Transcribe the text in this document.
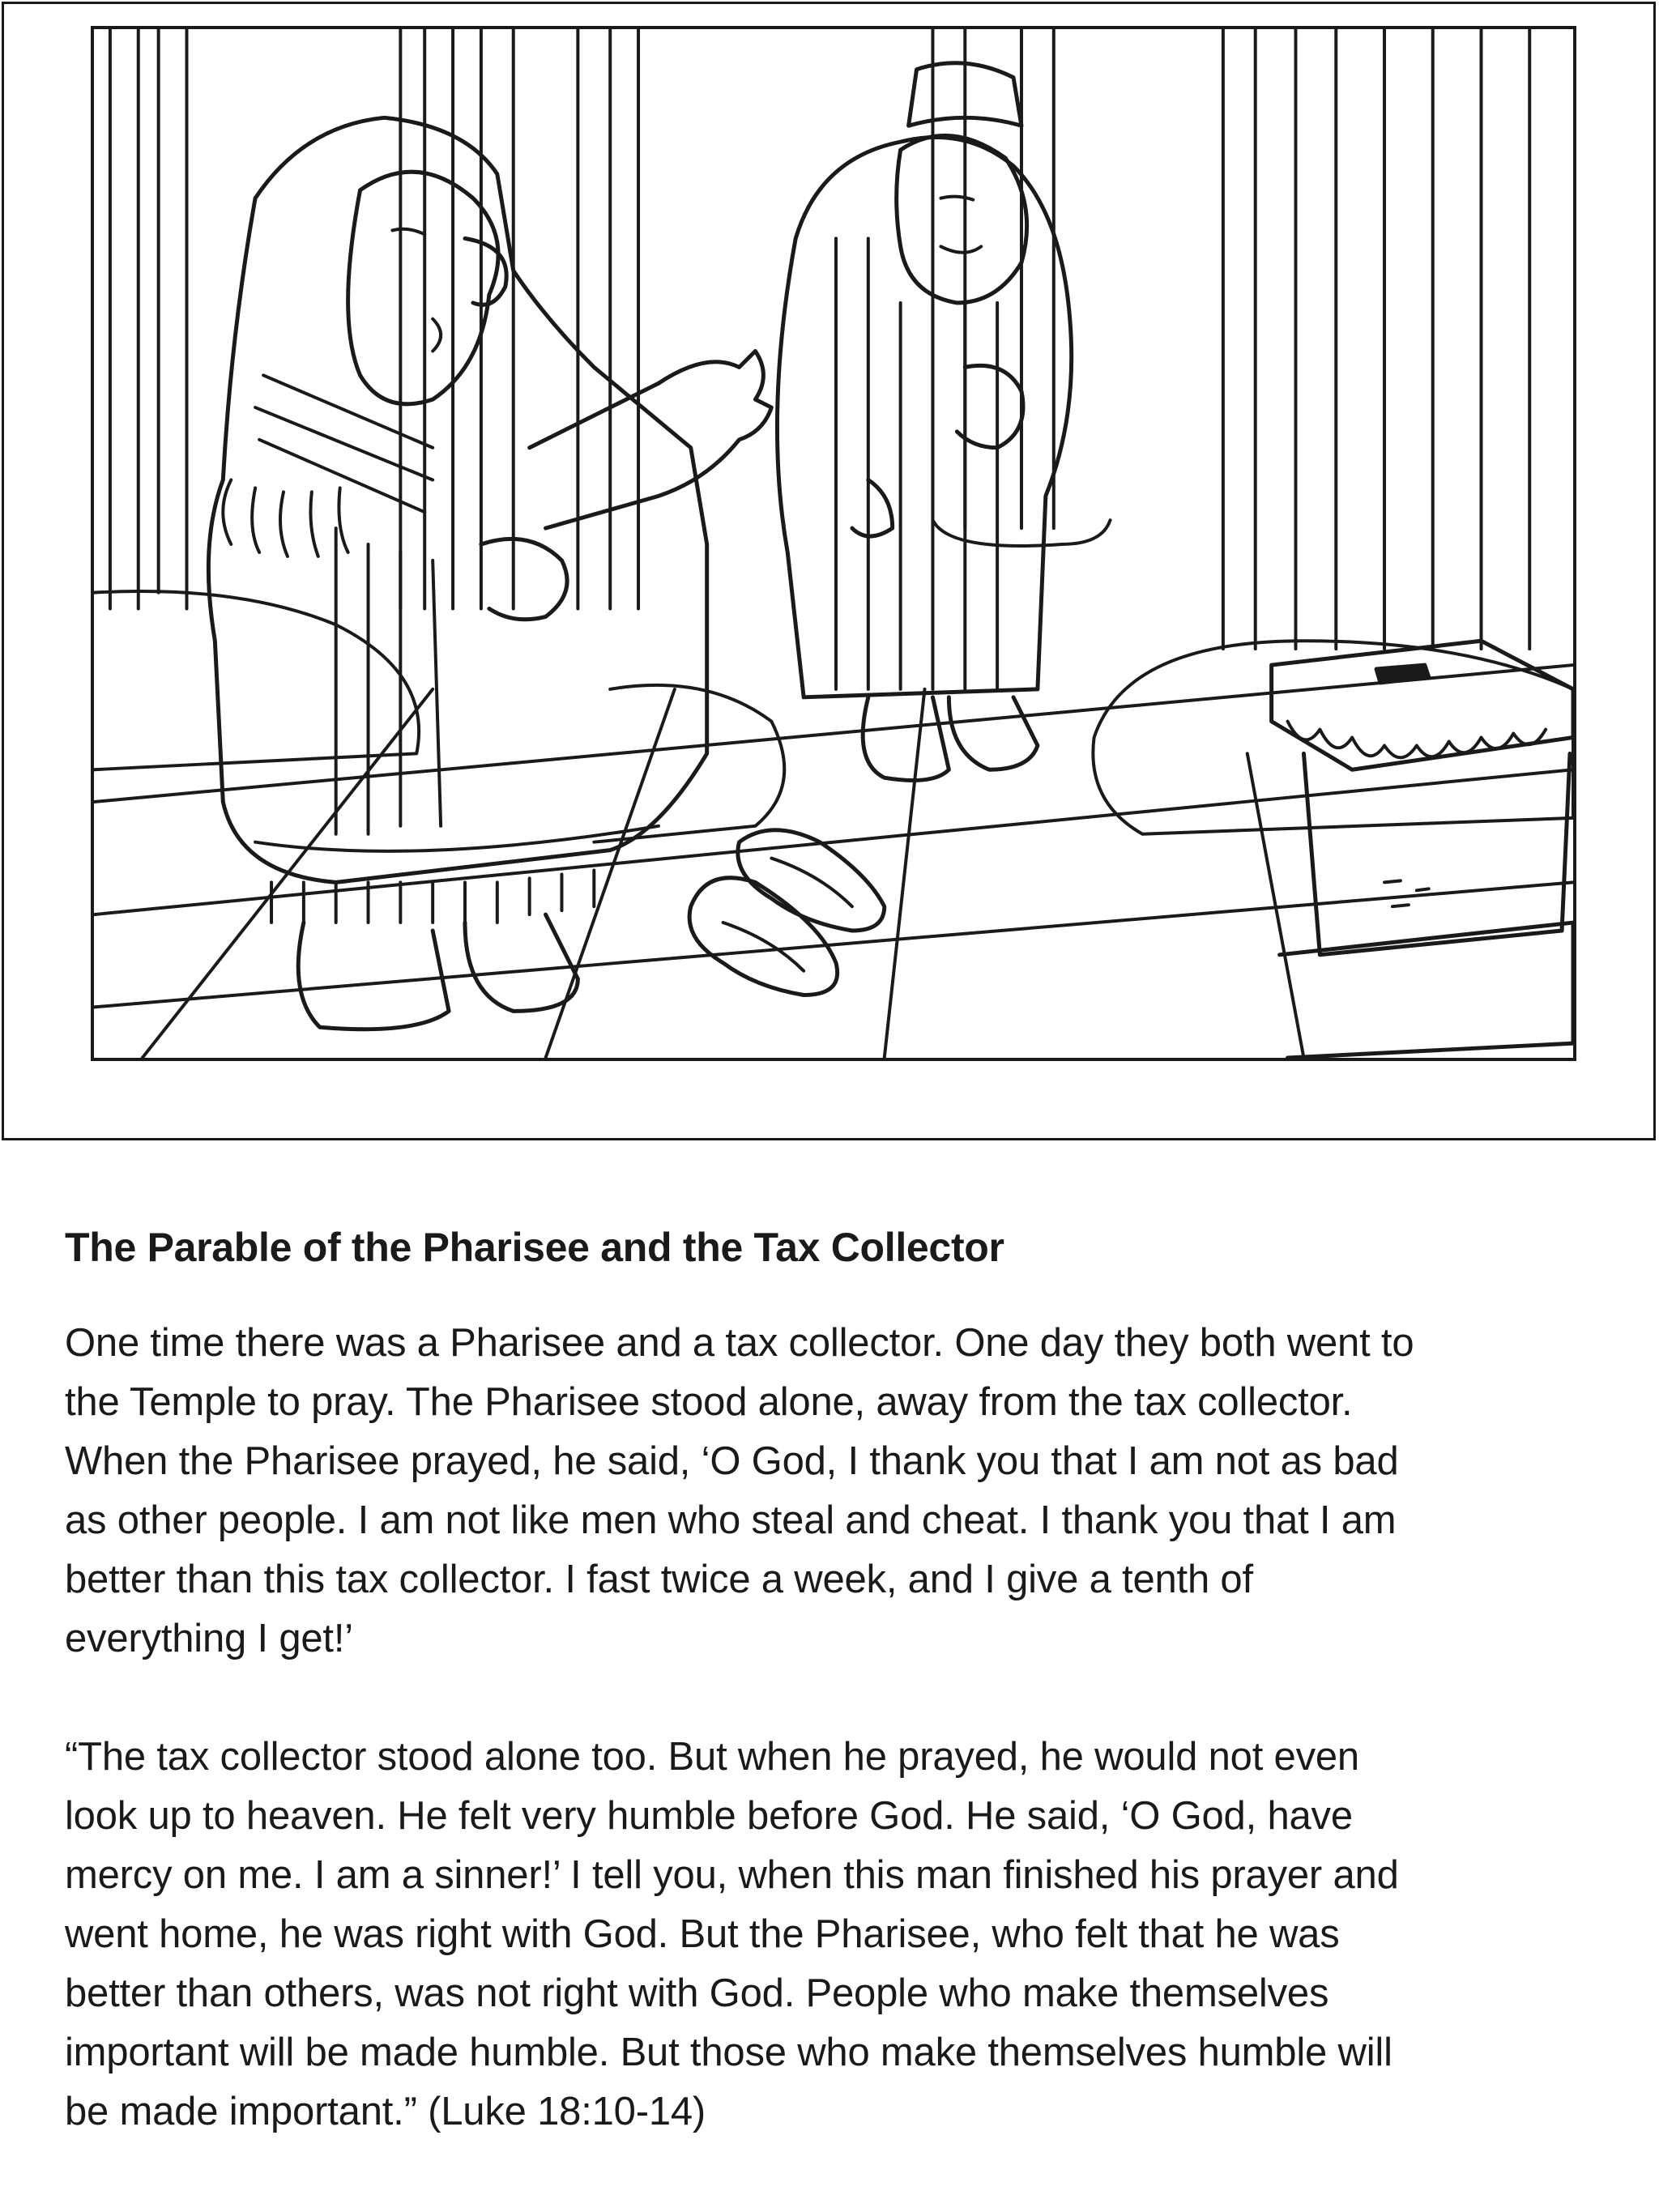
The Parable of the Pharisee and the Tax Collector

One time there was a Pharisee and a tax collector. One day they both went to
the Temple to pray. The Pharisee stood alone, away from the tax collector.
When the Pharisee prayed, he said, ‘O God, I thank you that I am not as bad
as other people. I am not like men who steal and cheat. I thank you that I am
better than this tax collector. I fast twice a week, and I give a tenth of
everything I get!’

“The tax collector stood alone too. But when he prayed, he would not even
look up to heaven. He felt very humble before God. He said, ‘O God, have
mercy on me. I am a sinner!’ I tell you, when this man finished his prayer and
went home, he was right with God. But the Pharisee, who felt that he was
better than others, was not right with God. People who make themselves
important will be made humble. But those who make themselves humble will
be made important.” (Luke 18:10-14)
